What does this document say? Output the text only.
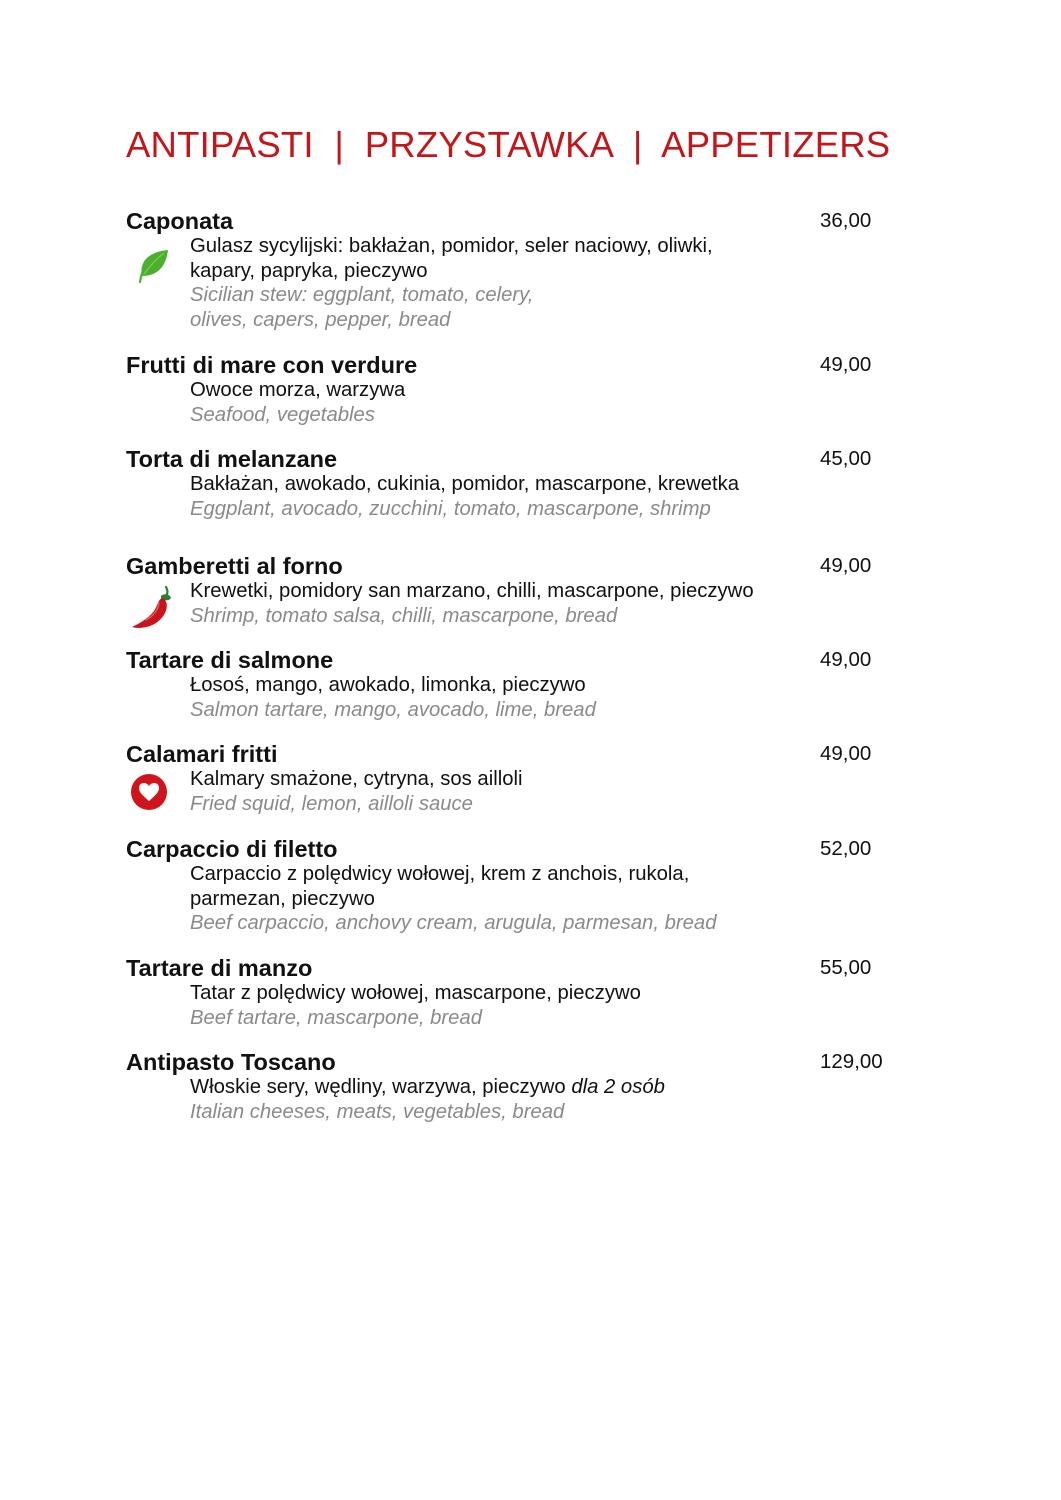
ANTIPASTI  |  PRZYSTAWKA  |  APPETIZERS
Caponata	36,00
Gulasz sycylijski: bakłażan, pomidor, seler naciowy, oliwki,
kapary, papryka, pieczywo
Sicilian stew: eggplant, tomato, celery,
olives, capers, pepper, bread
Frutti di mare con verdure	49,00
Owoce morza, warzywa
Seafood, vegetables
Torta di melanzane	45,00
Bakłażan, awokado, cukinia, pomidor, mascarpone, krewetka
Eggplant, avocado, zucchini, tomato, mascarpone, shrimp
Gamberetti al forno	49,00
Krewetki, pomidory san marzano, chilli, mascarpone, pieczywo
Shrimp, tomato salsa, chilli, mascarpone, bread
Tartare di salmone	49,00
Łosoś, mango, awokado, limonka, pieczywo
Salmon tartare, mango, avocado, lime, bread
Calamari fritti	49,00
Kalmary smażone, cytryna, sos ailloli
Fried squid, lemon, ailloli sauce
Carpaccio di filetto	52,00
Carpaccio z polędwicy wołowej, krem z anchois, rukola,
parmezan, pieczywo
Beef carpaccio, anchovy cream, arugula, parmesan, bread
Tartare di manzo	55,00
Tatar z polędwicy wołowej, mascarpone, pieczywo
Beef tartare, mascarpone, bread
Antipasto Toscano	129,00
Włoskie sery, wędliny, warzywa, pieczywo dla 2 osób
Italian cheeses, meats, vegetables, bread
